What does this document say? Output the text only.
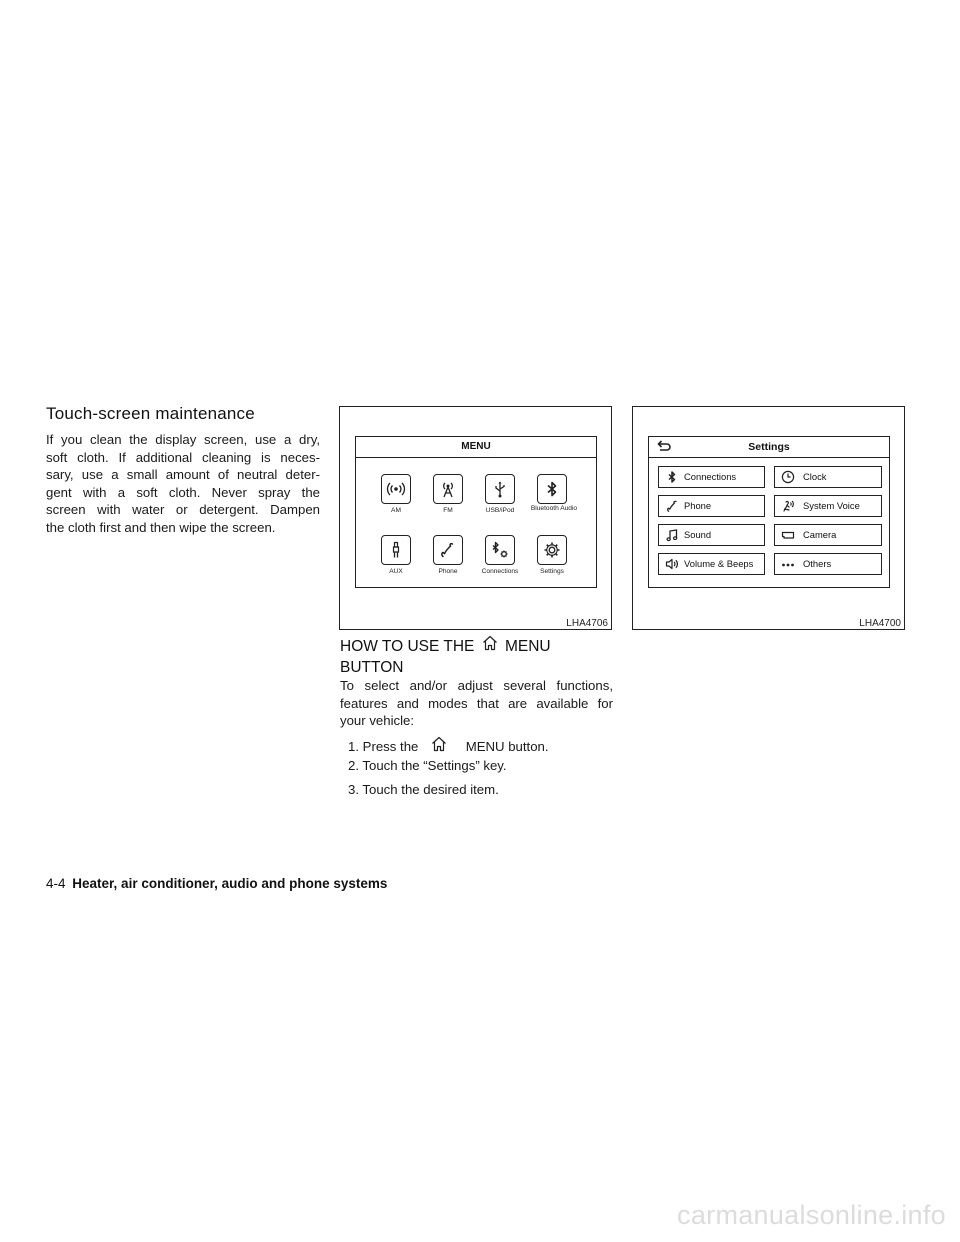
Touch-screen maintenance
If you clean the display screen, use a dry,
soft cloth. If additional cleaning is neces-
sary, use a small amount of neutral deter-
gent with a soft cloth. Never spray the
screen with water or detergent. Dampen
the cloth first and then wipe the screen.
MENU
AM	FM	USB/iPod	Bluetooth Audio
AUX	Phone	Connections	Settings
LHA4706
Settings
Connections
Phone
Sound
Volume & Beeps
Clock
System Voice
Camera
Others
LHA4700
HOW TO USE THE MENU
BUTTON
To select and/or adjust several functions,
features and modes that are available for
your vehicle:
1. Press the	MENU button.
2. Touch the “Settings” key.
3. Touch the desired item.
4-4 Heater, air conditioner, audio and phone systems
carmanualsonline.info
